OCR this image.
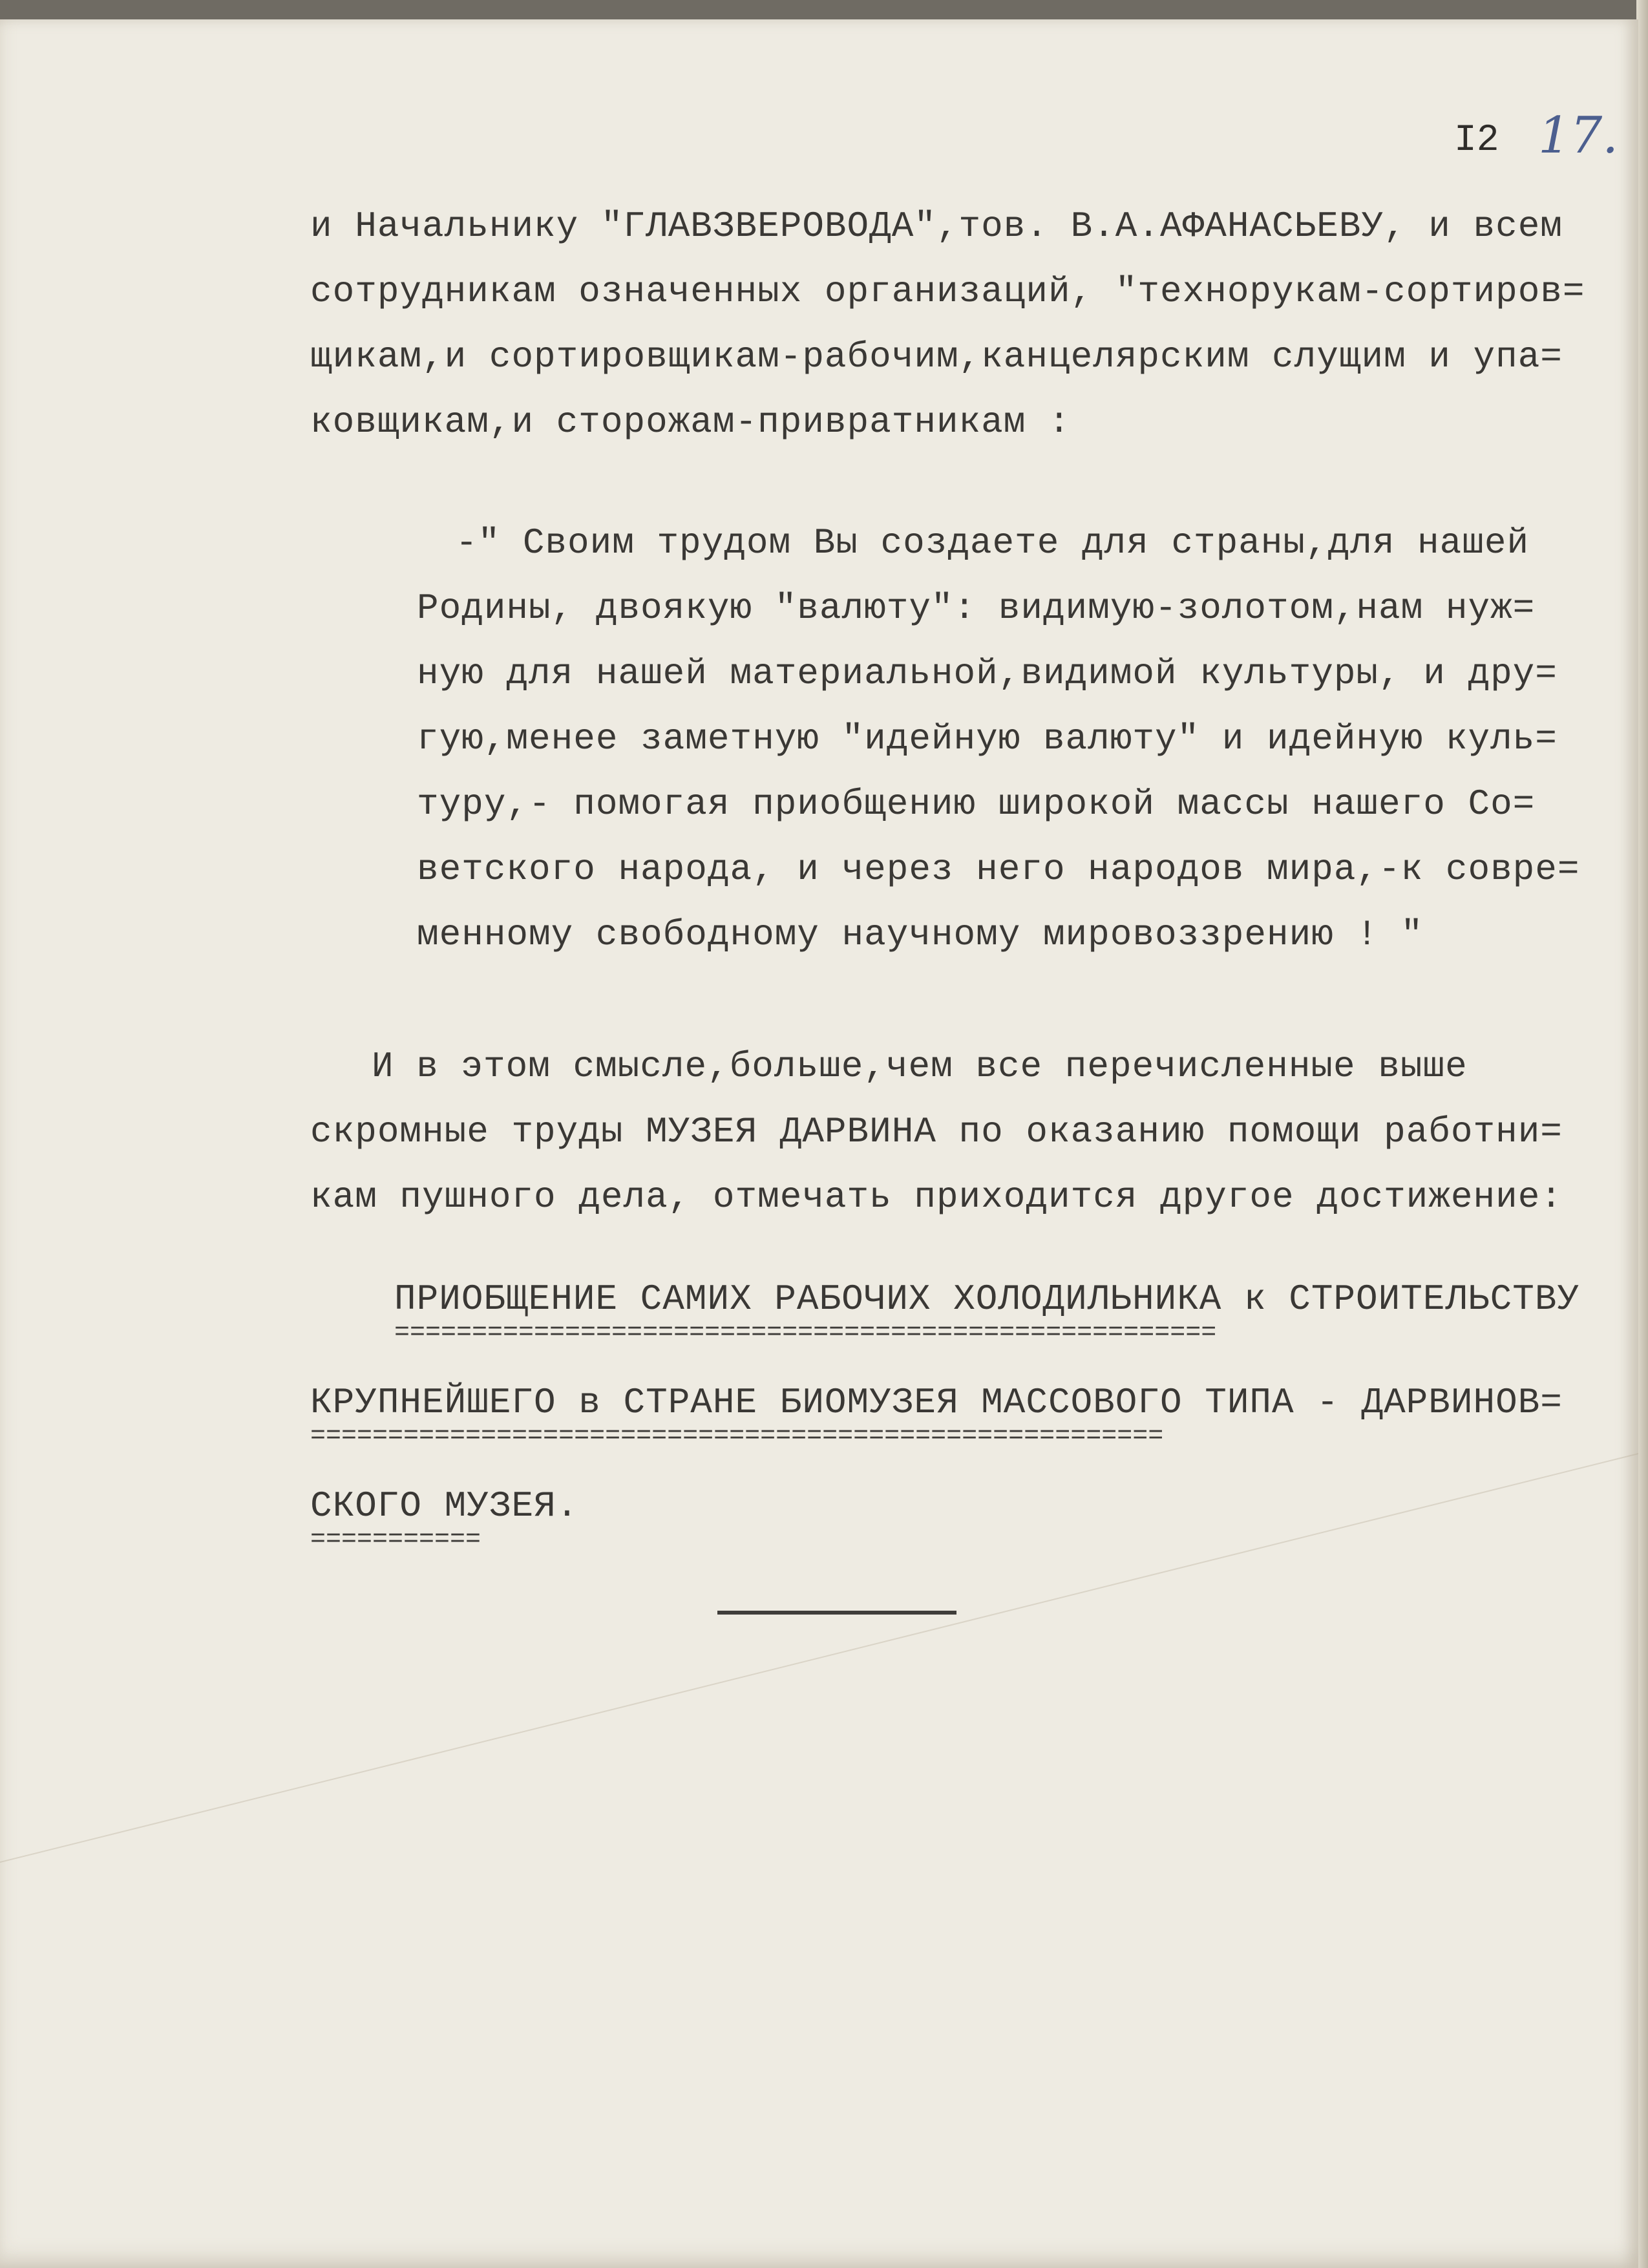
I2 17.
и Начальнику "ГЛАВЗВЕРОВОДА",тов. В.А.АФАНАСЬЕВУ, и всем
сотрудникам означенных организаций, "технорукам-сортиров=
щикам,и сортировщикам-рабочим,канцелярским слущим и упа=
ковщикам,и сторожам-привратникам :
-" Своим трудом Вы создаете для страны,для нашей
Родины, двоякую "валюту": видимую-золотом,нам нуж=
ную для нашей материальной,видимой культуры, и дру=
гую,менее заметную "идейную валюту" и идейную куль=
туру,- помогая приобщению широкой массы нашего Со=
ветского народа, и через него народов мира,-к совре=
менному свободному научному мировоззрению ! "
И в этом смысле,больше,чем все перечисленные выше
скромные труды МУЗЕЯ ДАРВИНА по оказанию помощи работни=
кам пушного дела, отмечать приходится другое достижение:
ПРИОБЩЕНИЕ САМИХ РАБОЧИХ ХОЛОДИЛЬНИКА к СТРОИТЕЛЬСТВУ
=====================================================
КРУПНЕЙШЕГО в СТРАНЕ БИОМУЗЕЯ МАССОВОГО ТИПА - ДАРВИНОВ=
=======================================================
СКОГО МУЗЕЯ.
===========
